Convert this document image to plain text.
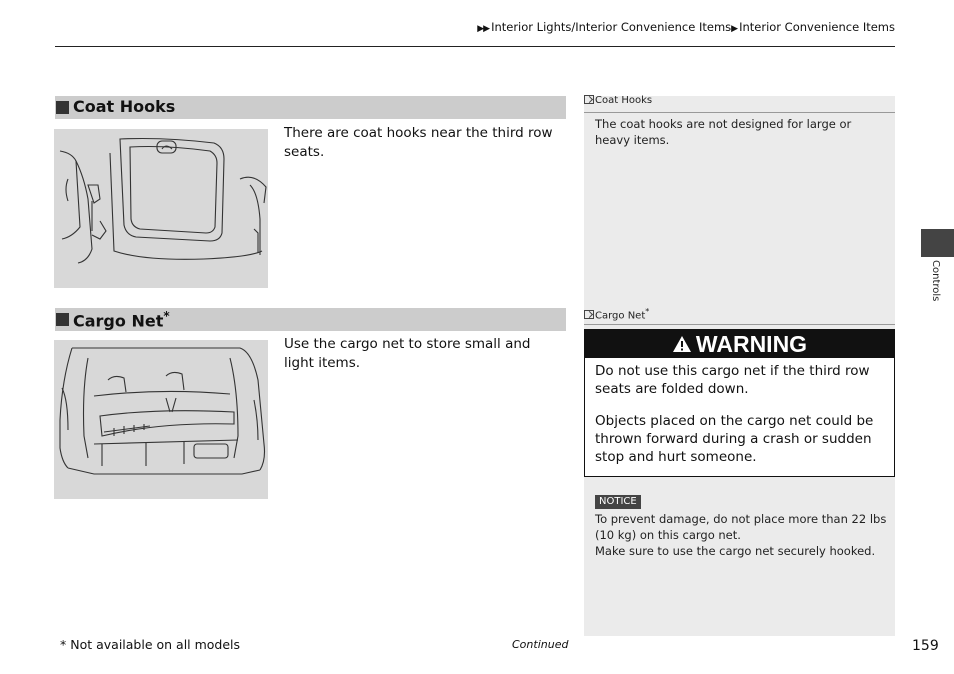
▶▶ Interior Lights/Interior Convenience Items▶ Interior Convenience Items
Coat Hooks
There are coat hooks near the third row seats.
Cargo Net*
Use the cargo net to store small and light items.
Coat Hooks
The coat hooks are not designed for large or heavy items.
Cargo Net*
WARNING

Do not use this cargo net if the third row seats are folded down.

Objects placed on the cargo net could be thrown forward during a crash or sudden stop and hurt someone.

NOTICE
To prevent damage, do not place more than 22 lbs (10 kg) on this cargo net.
Make sure to use the cargo net securely hooked.
Controls
* Not available on all models	Continued	159
